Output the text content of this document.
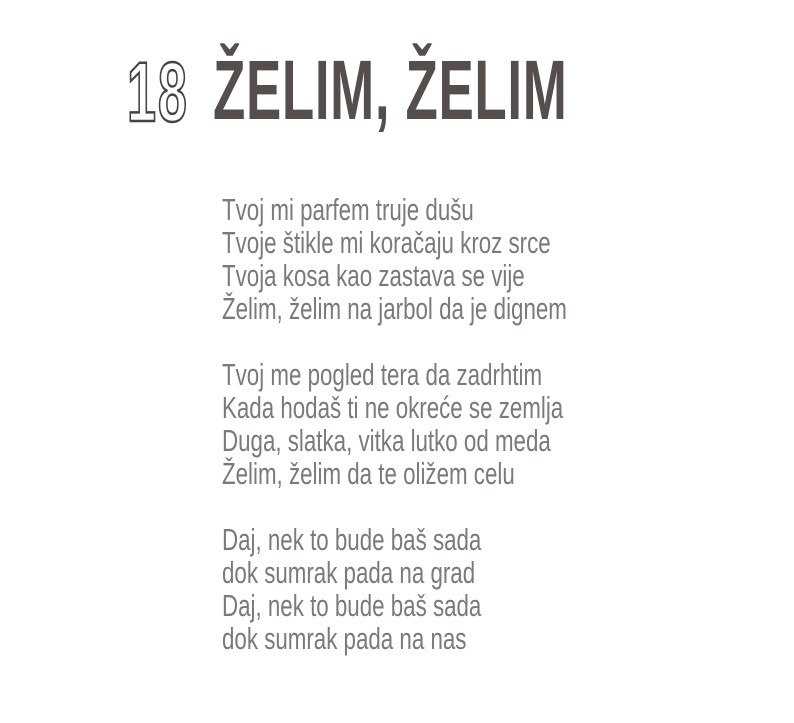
18 ŽELIM, ŽELIM

Tvoj mi parfem truje dušu

Tvoje štikle mi koračaju kroz srce

Tvoja kosa kao zastava se vije

Želim, želim na jarbol da je dignem

Tvoj me pogled tera da zadrhtim

Kada hodaš ti ne okreće se zemlja

Duga, slatka, vitka lutko od meda

Želim, želim da te oližem celu

Daj, nek to bude baš sada

dok sumrak pada na grad

Daj, nek to bude baš sada

dok sumrak pada na nas
